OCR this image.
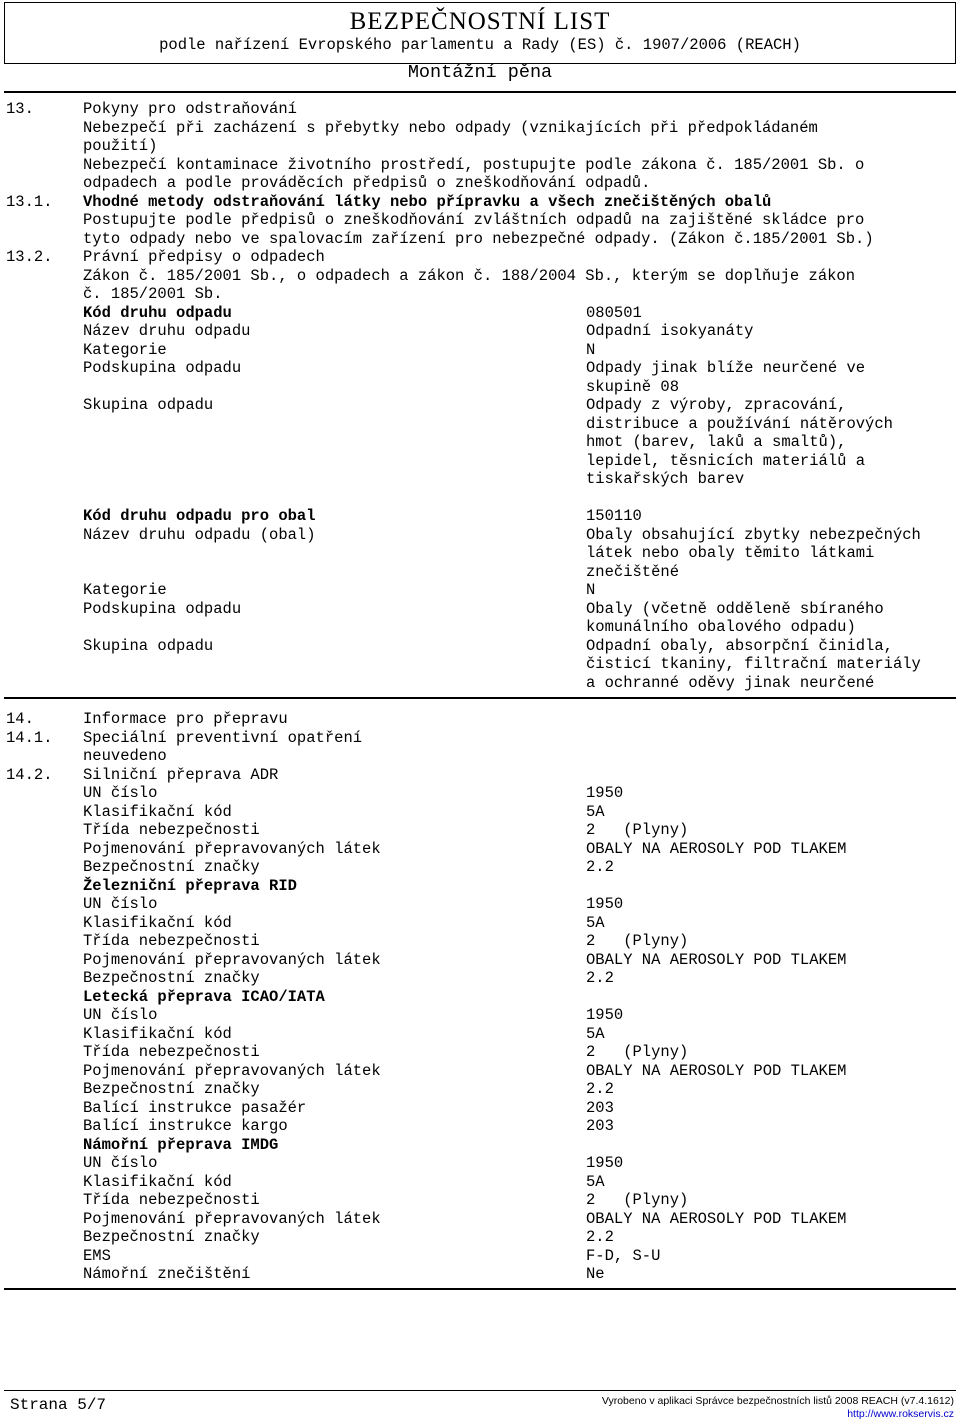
BEZPEČNOSTNÍ LIST
podle nařízení Evropského parlamentu a Rady (ES) č. 1907/2006 (REACH)
Montážní pěna
13.	Pokyny pro odstraňování
Nebezpečí při zacházení s přebytky nebo odpady (vznikajících při předpokládaném
použití)
Nebezpečí kontaminace životního prostředí, postupujte podle zákona č. 185/2001 Sb. o
odpadech a podle prováděcích předpisů o zneškodňování odpadů.
13.1. Vhodné metody odstraňování látky nebo přípravku a všech znečištěných obalů
Postupujte podle předpisů o zneškodňování zvláštních odpadů na zajištěné skládce pro
tyto odpady nebo ve spalovacím zařízení pro nebezpečné odpady. (Zákon č.185/2001 Sb.)
13.2. Právní předpisy o odpadech
Zákon č. 185/2001 Sb., o odpadech a zákon č. 188/2004 Sb., kterým se doplňuje zákon
č. 185/2001 Sb.
Kód druhu odpadu	080501
Název druhu odpadu	Odpadní isokyanáty
Kategorie	N
Podskupina odpadu	Odpady jinak blíže neurčené ve
skupině 08
Skupina odpadu	Odpady z výroby, zpracování,
distribuce a používání nátěrových
hmot (barev, laků a smaltů),
lepidel, těsnicích materiálů a
tiskařských barev
Kód druhu odpadu pro obal	150110
Název druhu odpadu (obal)	Obaly obsahující zbytky nebezpečných
látek nebo obaly těmito látkami
znečištěné
Kategorie	N
Podskupina odpadu	Obaly (včetně odděleně sbíraného
komunálního obalového odpadu)
Skupina odpadu	Odpadní obaly, absorpční činidla,
čisticí tkaniny, filtrační materiály
a ochranné oděvy jinak neurčené
14.	Informace pro přepravu
14.1. Speciální preventivní opatření
neuvedeno
14.2. Silniční přeprava ADR
UN číslo	1950
Klasifikační kód	5A
Třída nebezpečnosti	2   (Plyny)
Pojmenování přepravovaných látek	OBALY NA AEROSOLY POD TLAKEM
Bezpečnostní značky	2.2
Železniční přeprava RID
UN číslo	1950
Klasifikační kód	5A
Třída nebezpečnosti	2   (Plyny)
Pojmenování přepravovaných látek	OBALY NA AEROSOLY POD TLAKEM
Bezpečnostní značky	2.2
Letecká přeprava ICAO/IATA
UN číslo	1950
Klasifikační kód	5A
Třída nebezpečnosti	2   (Plyny)
Pojmenování přepravovaných látek	OBALY NA AEROSOLY POD TLAKEM
Bezpečnostní značky	2.2
Balící instrukce pasažér	203
Balící instrukce kargo	203
Námořní přeprava IMDG
UN číslo	1950
Klasifikační kód	5A
Třída nebezpečnosti	2   (Plyny)
Pojmenování přepravovaných látek	OBALY NA AEROSOLY POD TLAKEM
Bezpečnostní značky	2.2
EMS	F-D, S-U
Námořní znečištění	Ne
Strana 5/7	Vyrobeno v aplikaci Správce bezpečnostních listů 2008 REACH (v7.4.1612)
http://www.rokservis.cz
